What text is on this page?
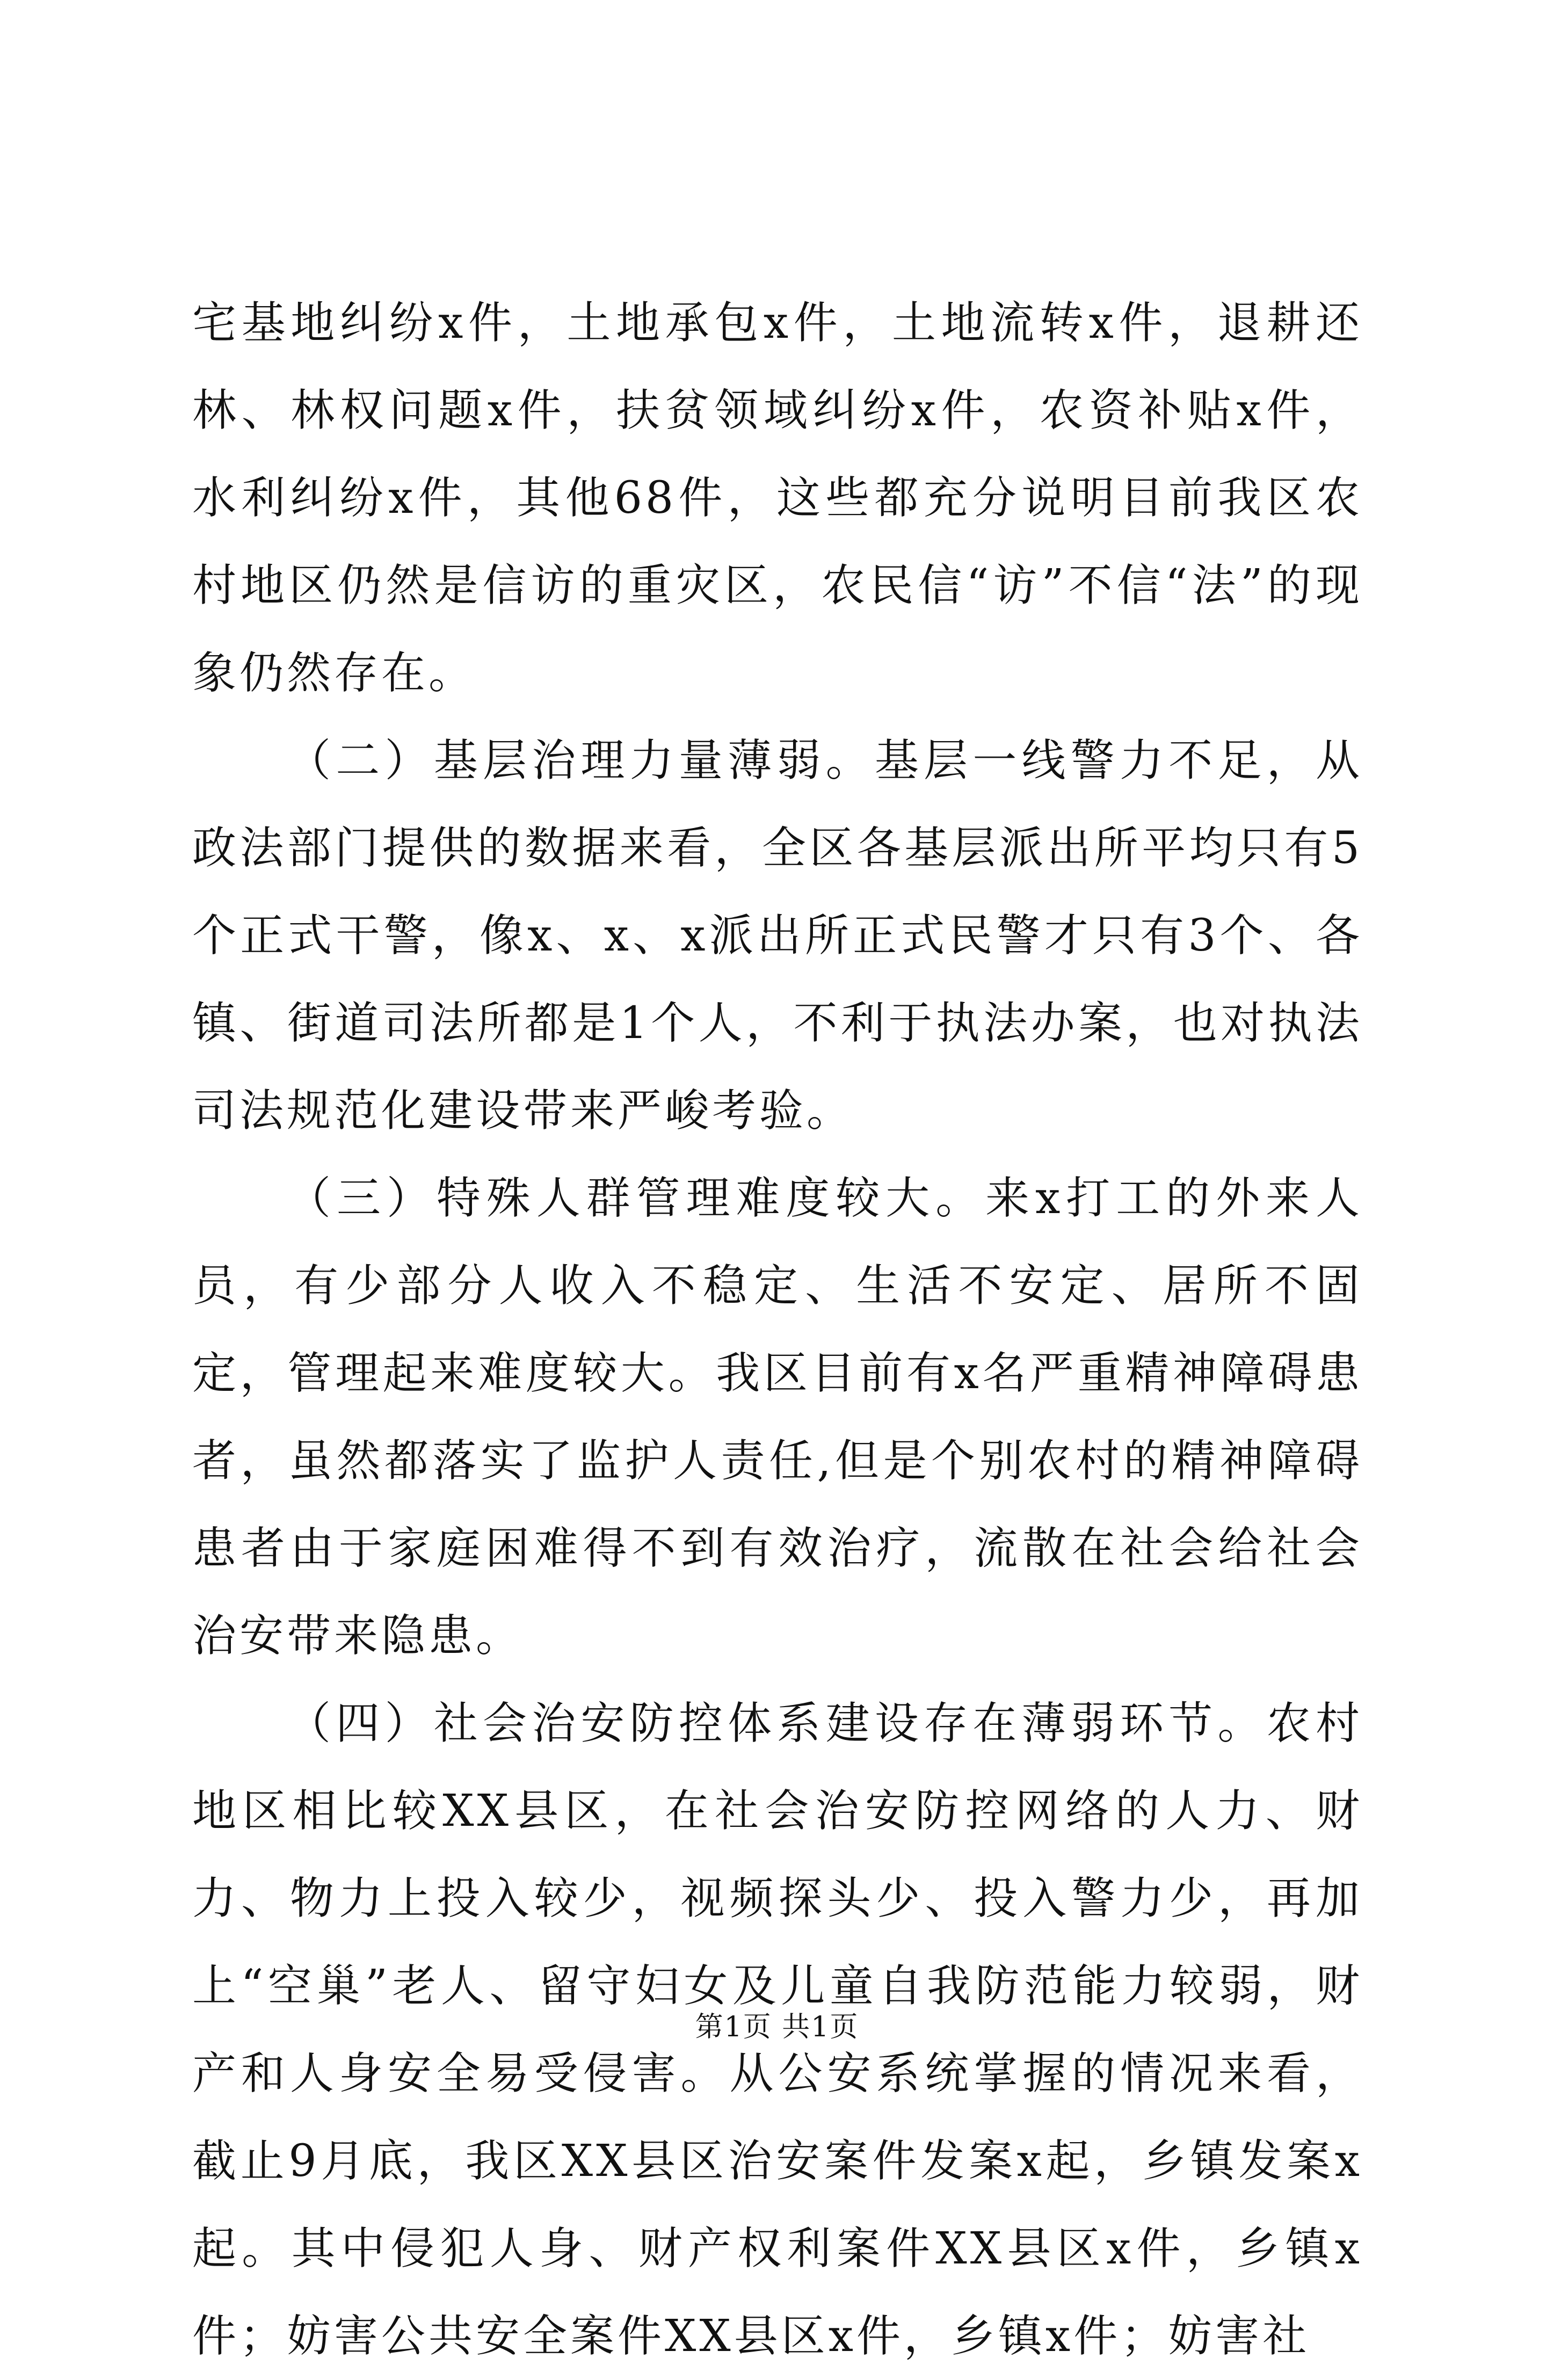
宅基地纠纷x件，土地承包x件，土地流转x件，退耕还林、林权问题x件，扶贫领域纠纷x件，农资补贴x件，水利纠纷x件，其他68件，这些都充分说明目前我区农村地区仍然是信访的重灾区，农民信“访”不信“法”的现象仍然存在。

（二）基层治理力量薄弱。基层一线警力不足，从政法部门提供的数据来看，全区各基层派出所平均只有5个正式干警，像x、x、x派出所正式民警才只有3个、各镇、街道司法所都是1个人，不利于执法办案，也对执法司法规范化建设带来严峻考验。

（三）特殊人群管理难度较大。来x打工的外来人员，有少部分人收入不稳定、生活不安定、居所不固定，管理起来难度较大。我区目前有x名严重精神障碍患者，虽然都落实了监护人责任,但是个别农村的精神障碍患者由于家庭困难得不到有效治疗，流散在社会给社会治安带来隐患。

（四）社会治安防控体系建设存在薄弱环节。农村地区相比较XX县区，在社会治安防控网络的人力、财力、物力上投入较少，视频探头少、投入警力少，再加上“空巢”老人、留守妇女及儿童自我防范能力较弱，财产和人身安全易受侵害。从公安系统掌握的情况来看，截止9月底，我区XX县区治安案件发案x起，乡镇发案x起。其中侵犯人身、财产权利案件XX县区x件，乡镇x件；妨害公共安全案件XX县区x件，乡镇x件；妨害社

第1页 共1页
